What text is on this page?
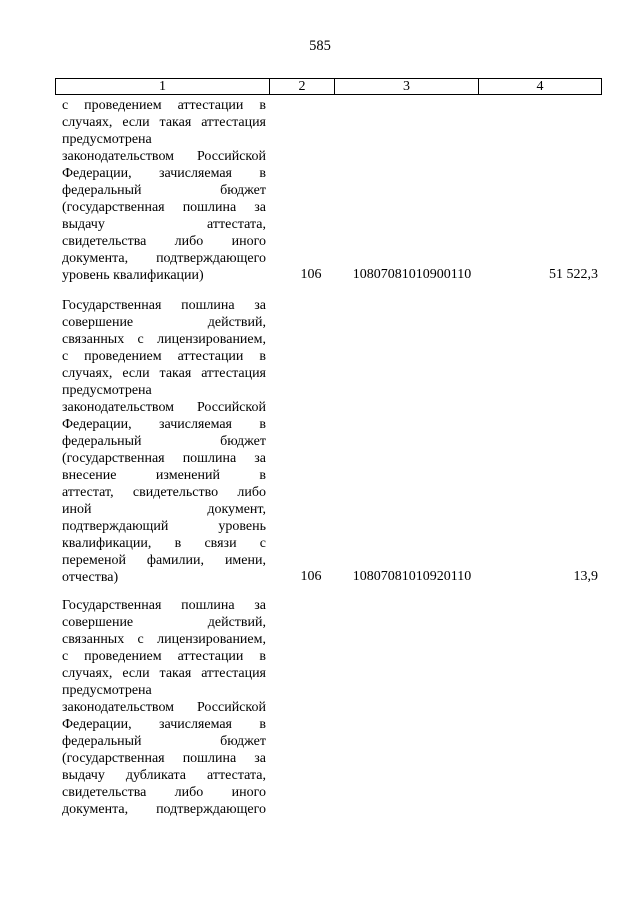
585
1	2	3	4
с проведением аттестации в
случаях, если такая аттестация
предусмотрена
законодательством Российской
Федерации, зачисляемая в
федеральный бюджет
(государственная пошлина за
выдачу аттестата,
свидетельства либо иного
документа, подтверждающего
уровень квалификации)	106	10807081010900110	51 522,3
Государственная пошлина за
совершение действий,
связанных с лицензированием,
с проведением аттестации в
случаях, если такая аттестация
предусмотрена
законодательством Российской
Федерации, зачисляемая в
федеральный бюджет
(государственная пошлина за
внесение изменений в
аттестат, свидетельство либо
иной документ,
подтверждающий уровень
квалификации, в связи с
переменой фамилии, имени,
отчества)	106	10807081010920110	13,9
Государственная пошлина за
совершение действий,
связанных с лицензированием,
с проведением аттестации в
случаях, если такая аттестация
предусмотрена
законодательством Российской
Федерации, зачисляемая в
федеральный бюджет
(государственная пошлина за
выдачу дубликата аттестата,
свидетельства либо иного
документа, подтверждающего
